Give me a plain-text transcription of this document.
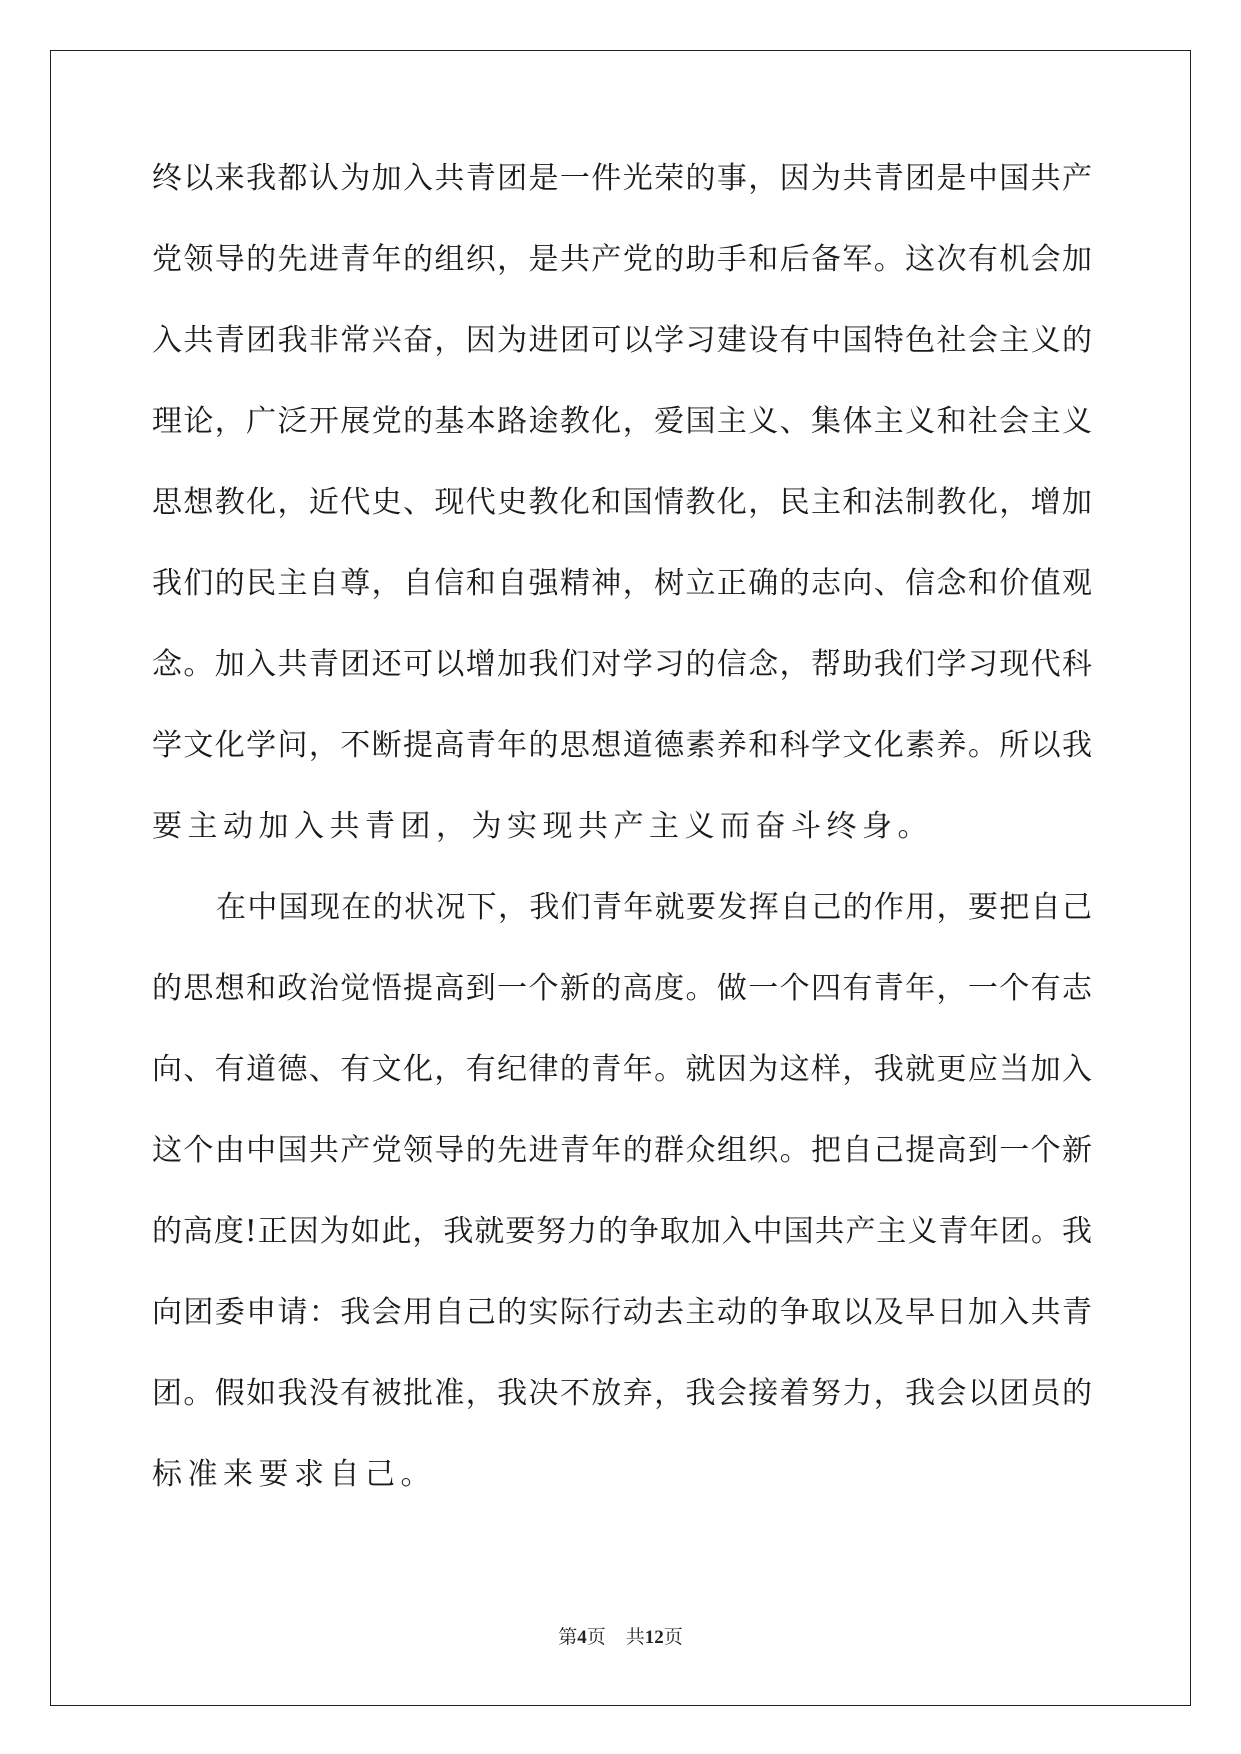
终以来我都认为加入共青团是一件光荣的事，因为共青团是中国共产
党领导的先进青年的组织，是共产党的助手和后备军。这次有机会加
入共青团我非常兴奋，因为进团可以学习建设有中国特色社会主义的
理论，广泛开展党的基本路途教化，爱国主义、集体主义和社会主义
思想教化，近代史、现代史教化和国情教化，民主和法制教化，增加
我们的民主自尊，自信和自强精神，树立正确的志向、信念和价值观
念。加入共青团还可以增加我们对学习的信念，帮助我们学习现代科
学文化学问，不断提高青年的思想道德素养和科学文化素养。所以我
要主动加入共青团，为实现共产主义而奋斗终身。
在中国现在的状况下，我们青年就要发挥自己的作用，要把自己
的思想和政治觉悟提高到一个新的高度。做一个四有青年，一个有志
向、有道德、有文化，有纪律的青年。就因为这样，我就更应当加入
这个由中国共产党领导的先进青年的群众组织。把自己提高到一个新
的高度!正因为如此，我就要努力的争取加入中国共产主义青年团。我
向团委申请：我会用自己的实际行动去主动的争取以及早日加入共青
团。假如我没有被批准，我决不放弃，我会接着努力，我会以团员的
标准来要求自己。
第4页 共12页
